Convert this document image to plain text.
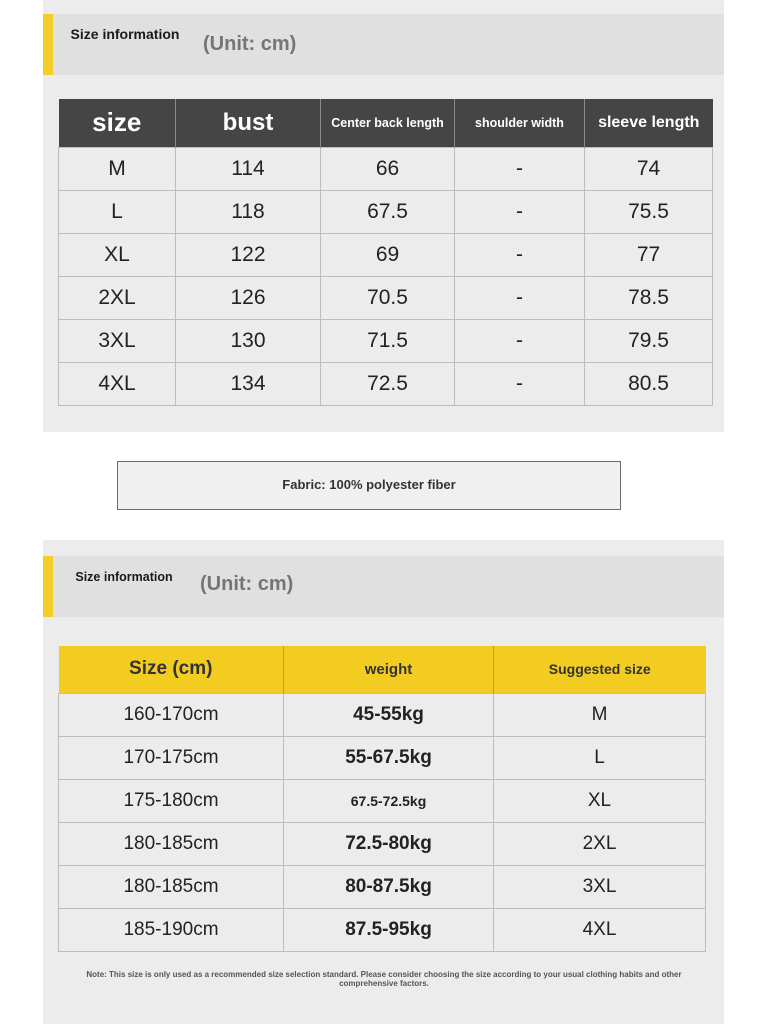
Size information (Unit: cm)
size	bust	Center back length	shoulder width	sleeve length
M	114	66	-	74
L	118	67.5	-	75.5
XL	122	69	-	77
2XL	126	70.5	-	78.5
3XL	130	71.5	-	79.5
4XL	134	72.5	-	80.5
Fabric: 100% polyester fiber
Size information	(Unit: cm)
Size (cm)	weight	Suggested size
160-170cm	45-55kg	M
170-175cm	55-67.5kg	L
175-180cm	67.5-72.5kg	XL
180-185cm	72.5-80kg	2XL
180-185cm	80-87.5kg	3XL
185-190cm	87.5-95kg	4XL
Note: This size is only used as a recommended size selection standard. Please consider choosing the size according to your usual clothing habits and other comprehensive factors.
